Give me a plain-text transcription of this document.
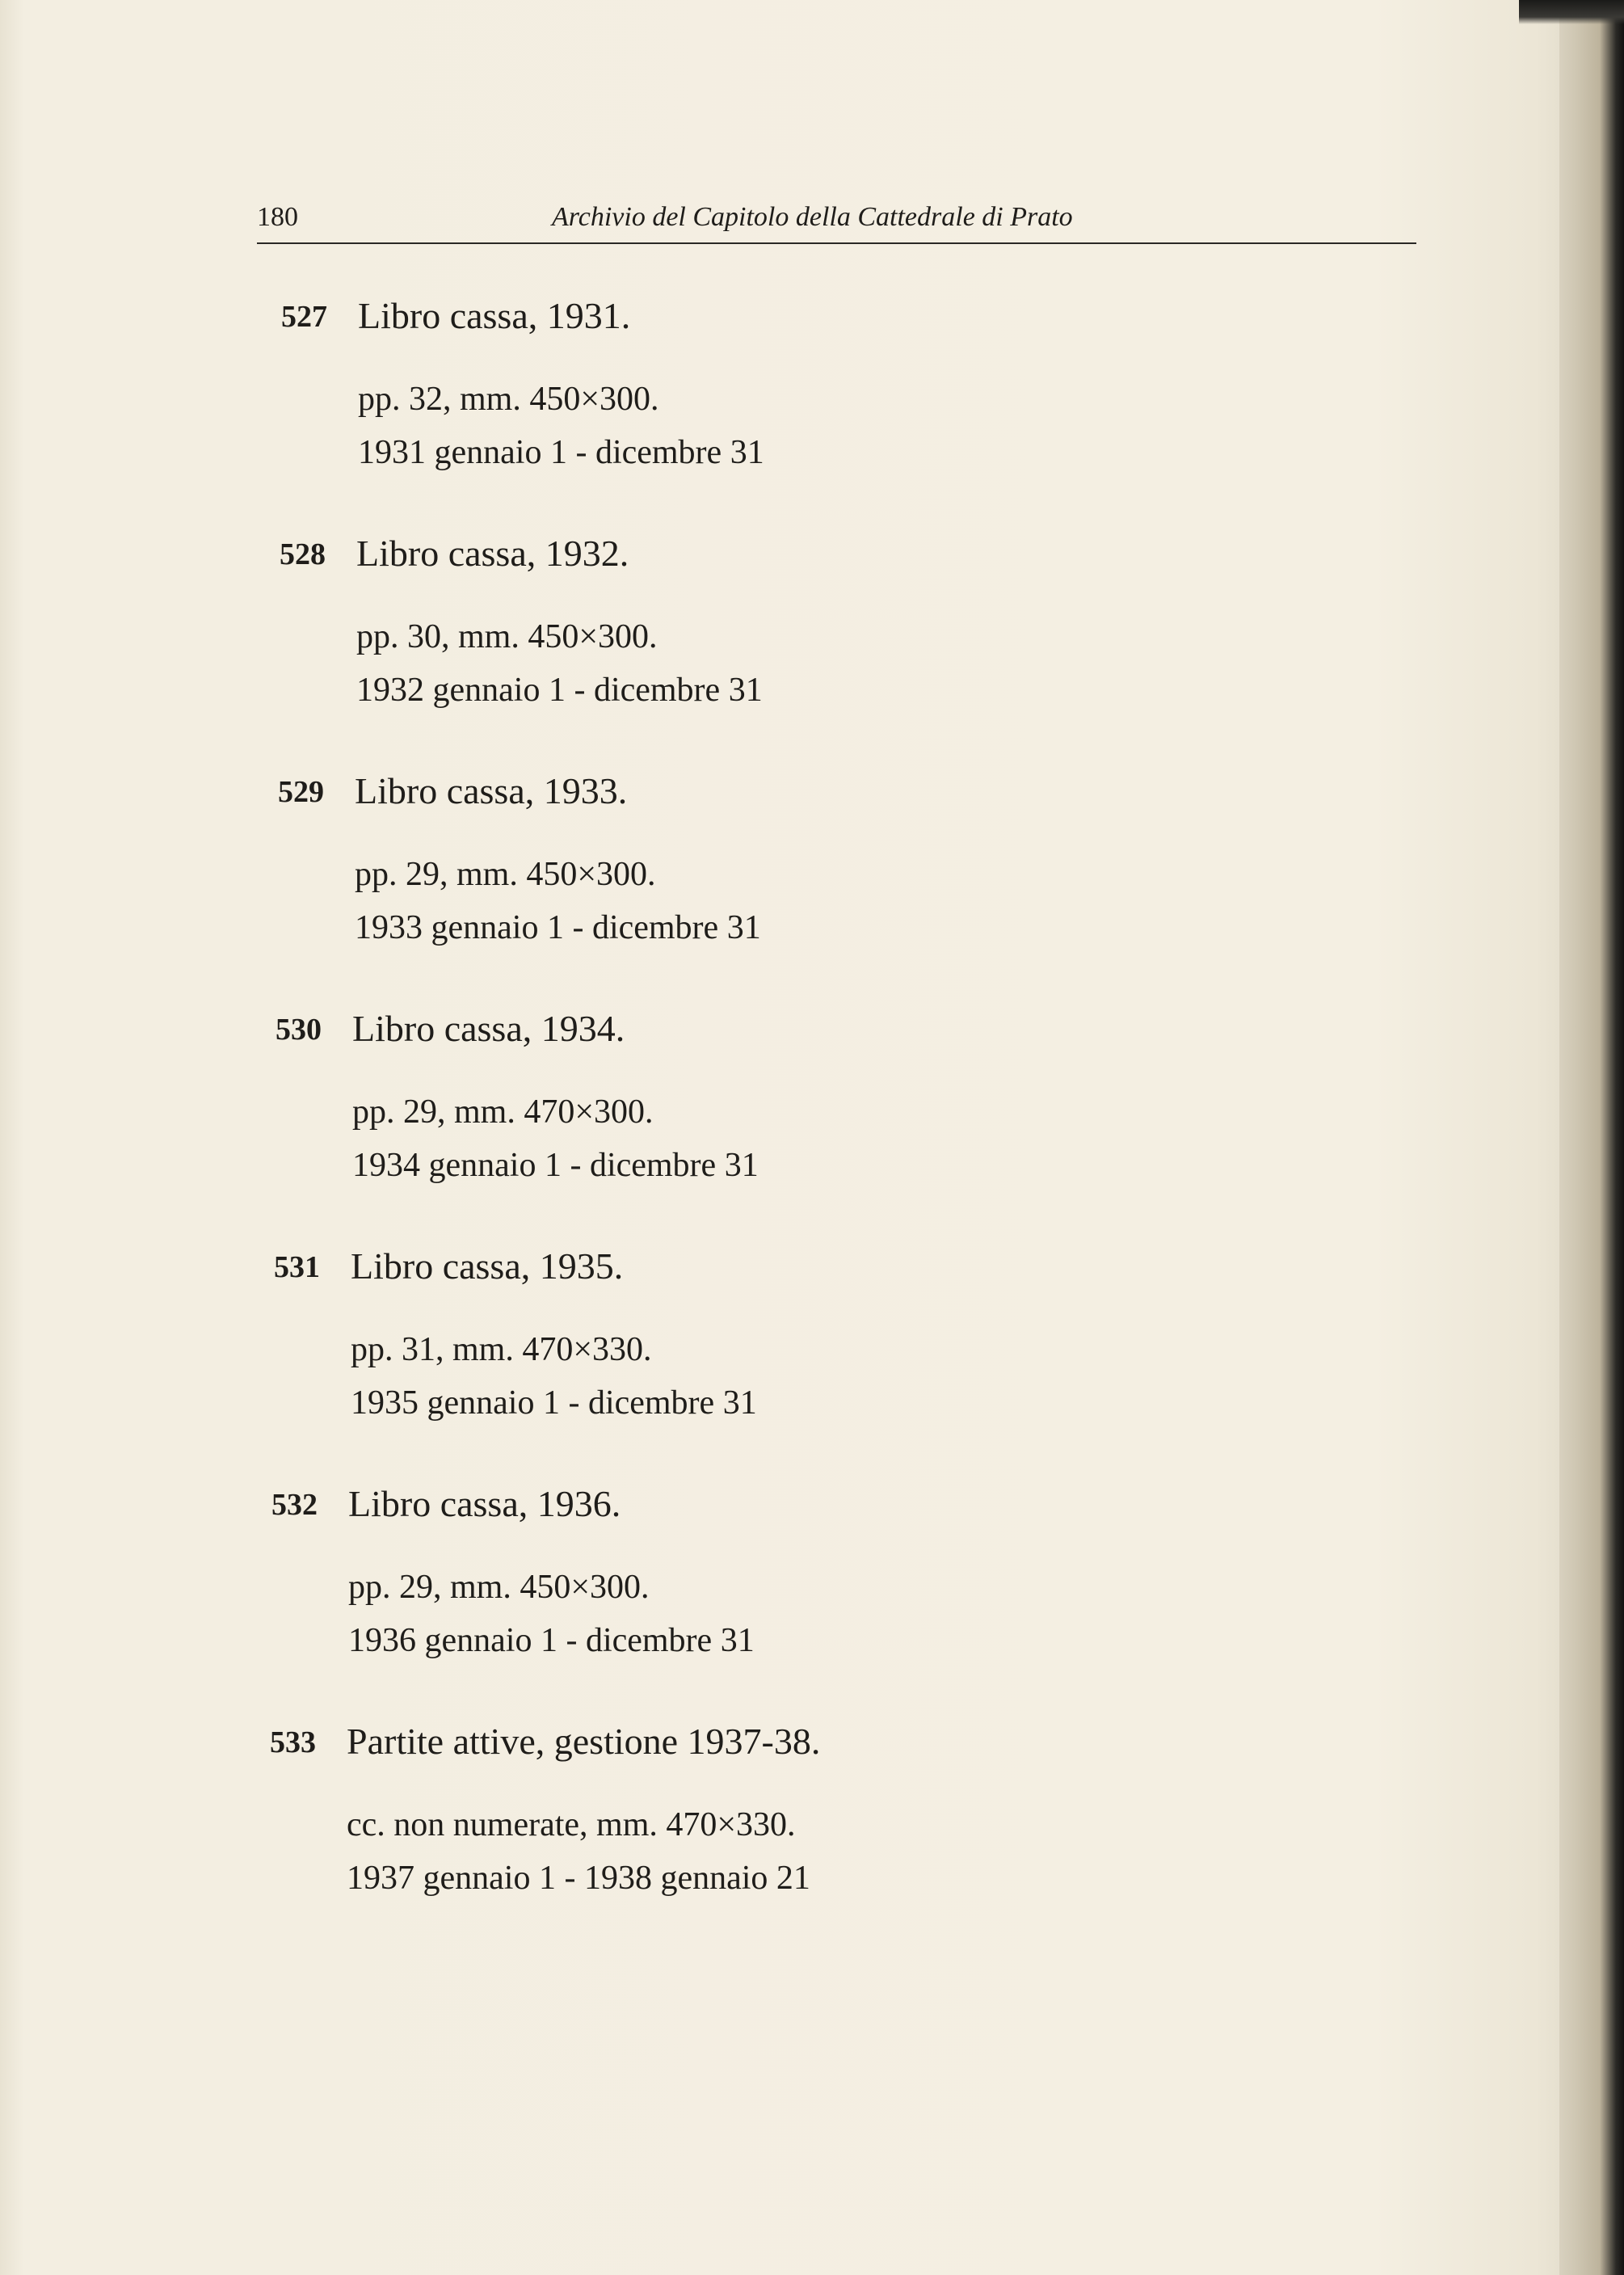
180	Archivio del Capitolo della Cattedrale di Prato
527 Libro cassa, 1931.
pp. 32, mm. 450×300.
1931 gennaio 1 - dicembre 31
528 Libro cassa, 1932.
pp. 30, mm. 450×300.
1932 gennaio 1 - dicembre 31
529 Libro cassa, 1933.
pp. 29, mm. 450×300.
1933 gennaio 1 - dicembre 31
530 Libro cassa, 1934.
pp. 29, mm. 470×300.
1934 gennaio 1 - dicembre 31
531 Libro cassa, 1935.
pp. 31, mm. 470×330.
1935 gennaio 1 - dicembre 31
532 Libro cassa, 1936.
pp. 29, mm. 450×300.
1936 gennaio 1 - dicembre 31
533 Partite attive, gestione 1937-38.
cc. non numerate, mm. 470×330.
1937 gennaio 1 - 1938 gennaio 21
